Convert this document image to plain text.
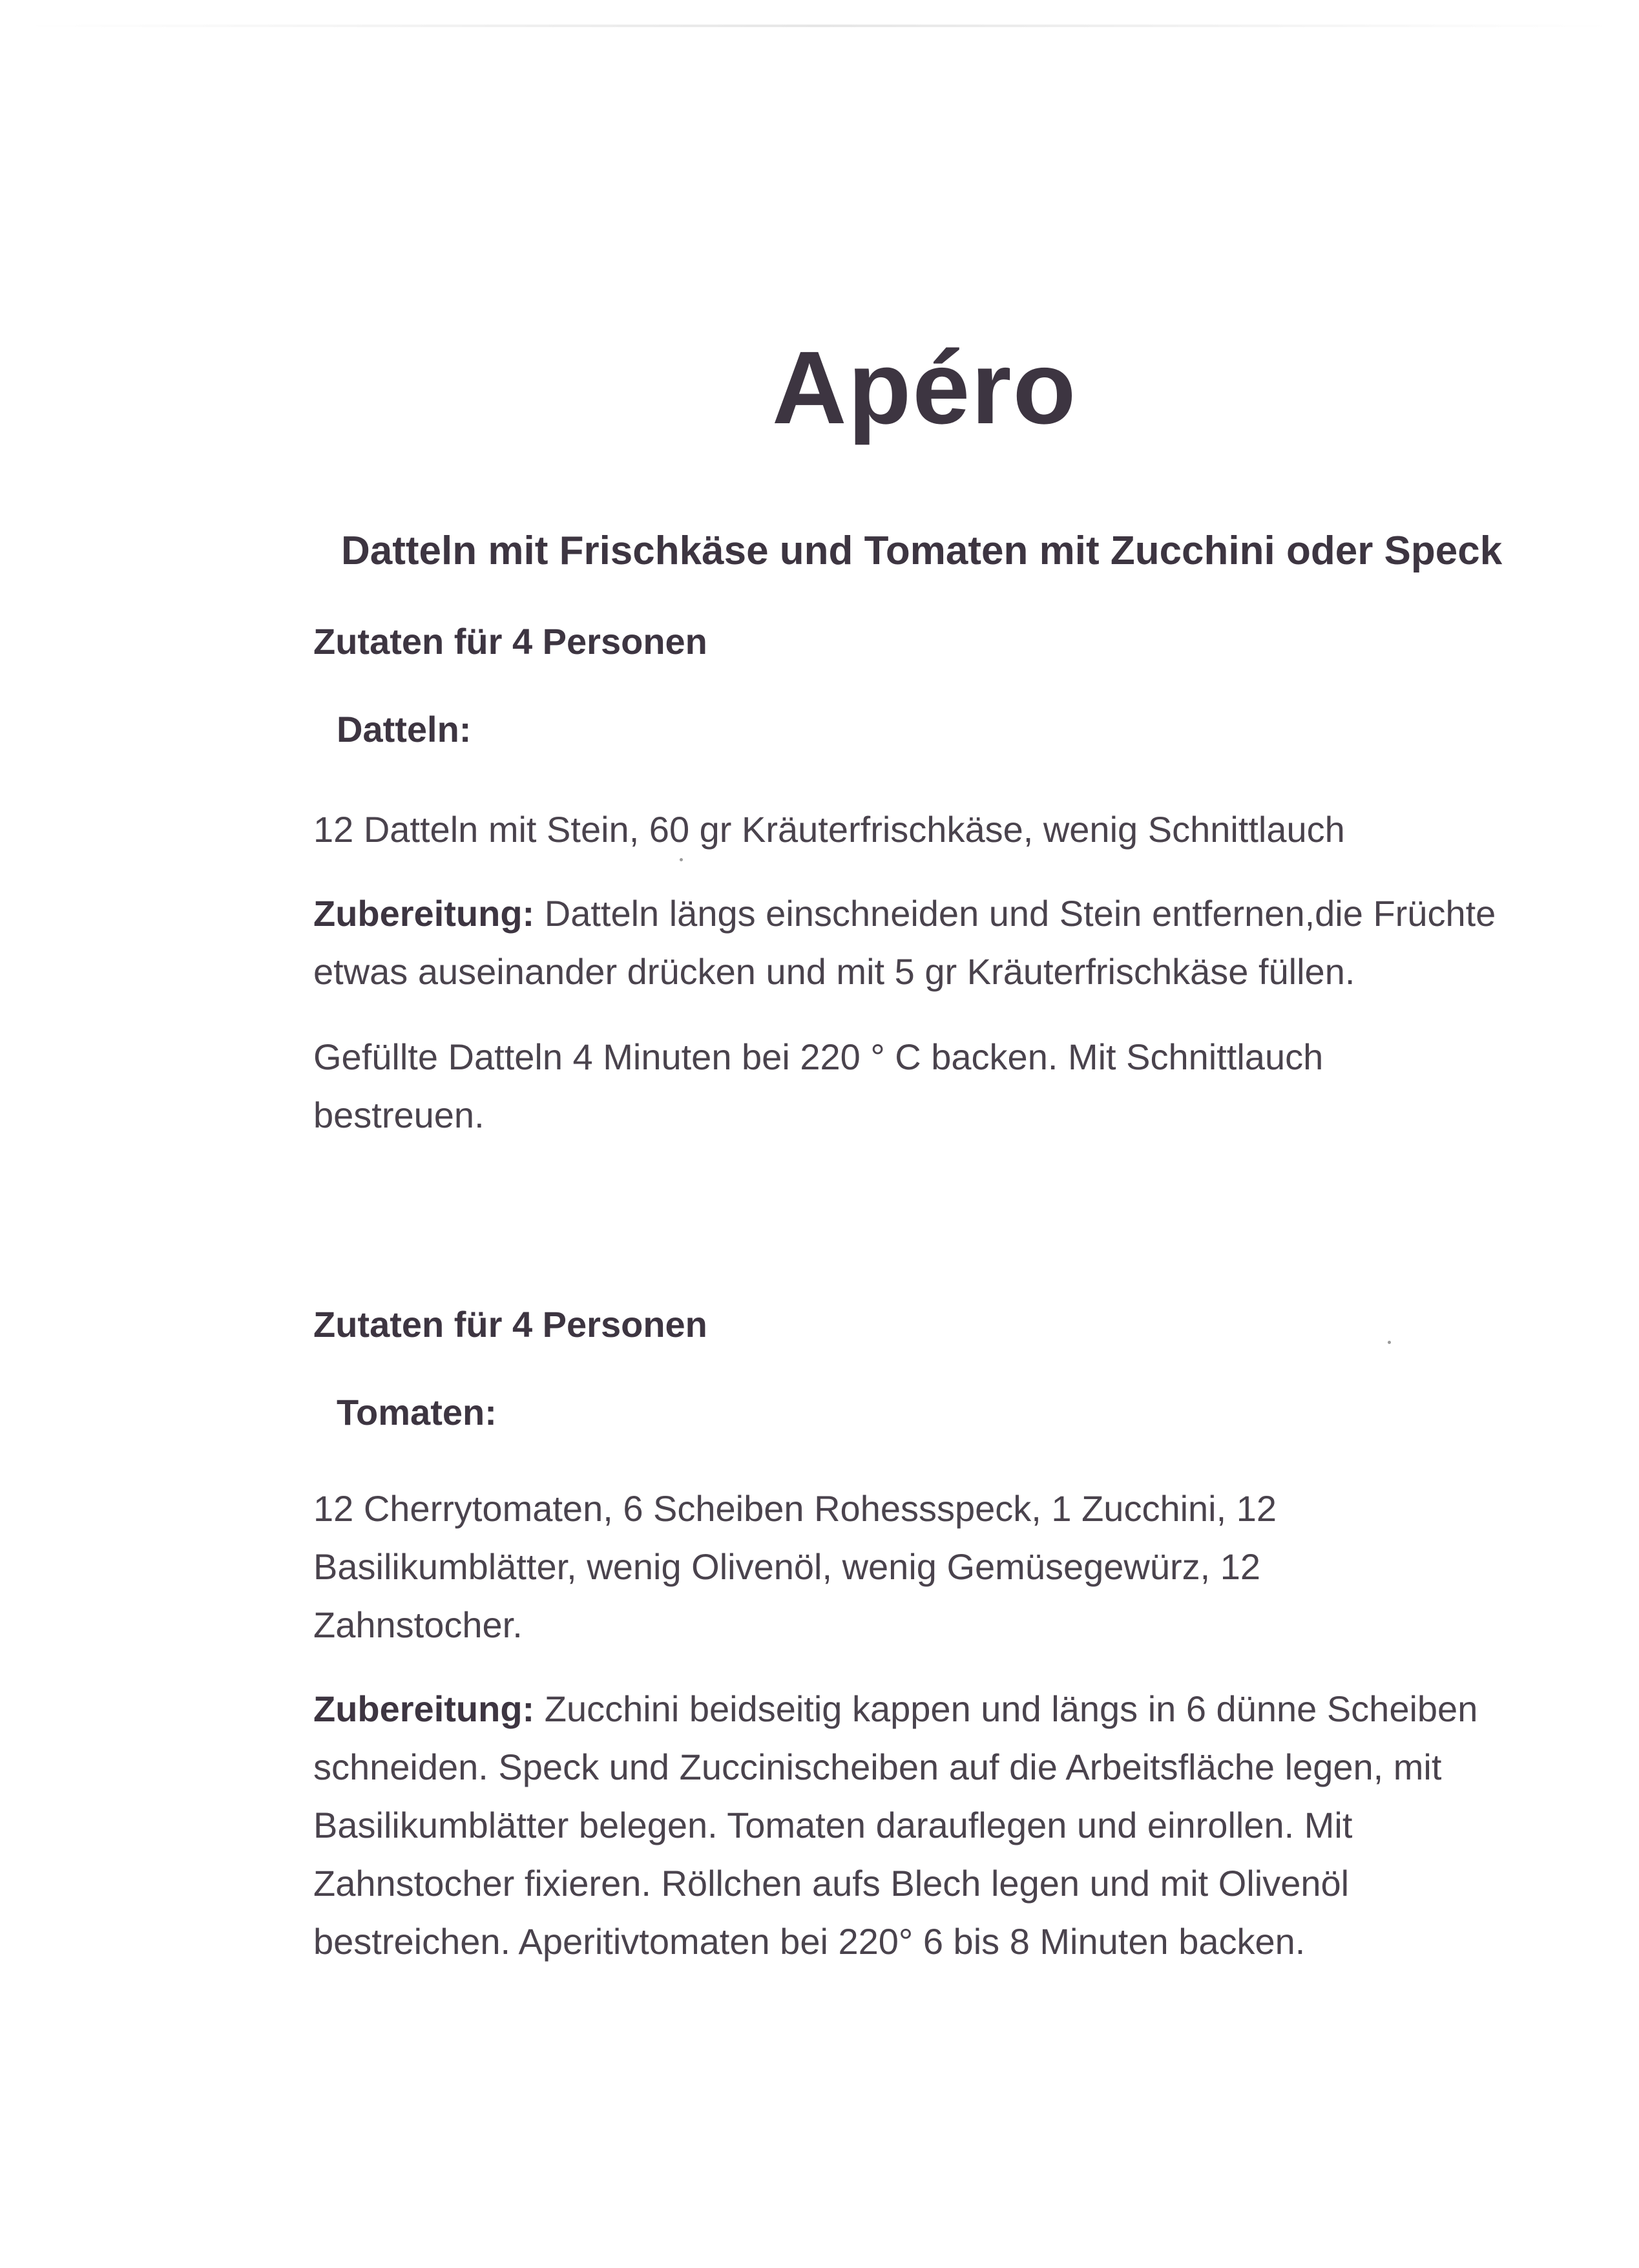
Apéro
Datteln mit Frischkäse und Tomaten mit Zucchini oder Speck
Zutaten für 4 Personen
Datteln:

12 Datteln mit Stein, 60 gr Kräuterfrischkäse, wenig Schnittlauch

Zubereitung: Datteln längs einschneiden und Stein entfernen,die Früchte etwas auseinander drücken und mit 5 gr Kräuterfrischkäse füllen.

Gefüllte Datteln 4 Minuten bei 220 ° C backen. Mit Schnittlauch bestreuen.

Zutaten für 4 Personen
Tomaten:

12 Cherrytomaten, 6 Scheiben Rohessspeck, 1 Zucchini, 12 Basilikumblätter, wenig Olivenöl, wenig Gemüsegewürz, 12 Zahnstocher.

Zubereitung: Zucchini beidseitig kappen und längs in 6 dünne Scheiben schneiden. Speck und Zuccinischeiben auf die Arbeitsfläche legen, mit Basilikumblätter belegen. Tomaten darauflegen und einrollen. Mit Zahnstocher fixieren. Röllchen aufs Blech legen und mit Olivenöl bestreichen. Aperitivtomaten bei 220° 6 bis 8 Minuten backen.
